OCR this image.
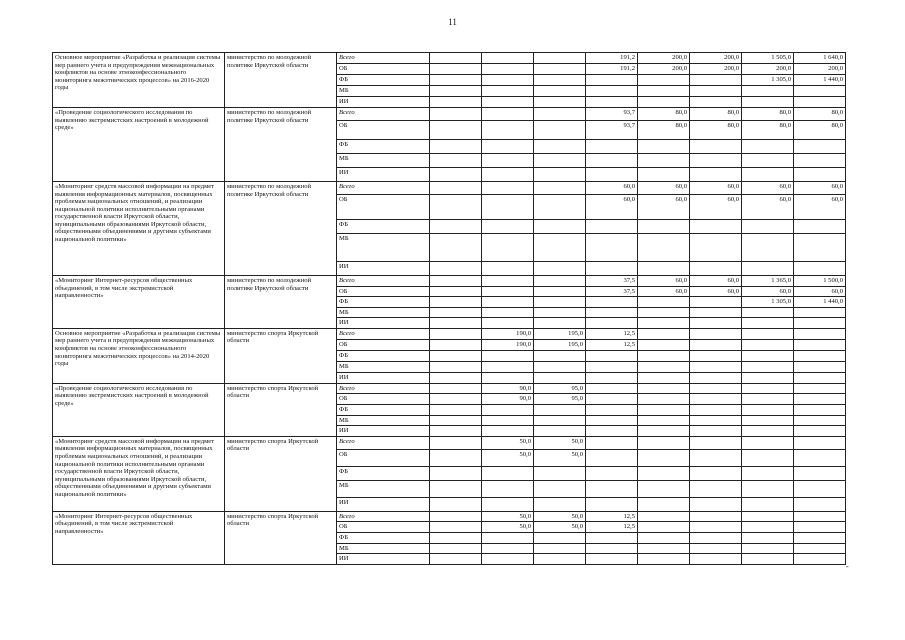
11
Основное мероприятие «Разработка и реализация системы мер раннего учета и предупреждения межнациональных конфликтов на основе этноконфессионального мониторинга межэтнических процессов» на 2016-2020 годы	министерство по молодежной политике Иркутской области	Всего				191,2	200,0	200,0	1 505,0	1 640,0
		ОБ				191,2	200,0	200,0	200,0	200,0
		ФБ							1 305,0	1 440,0
		МБ								
		ИИ								
«Проведение социологического исследования по выявлению экстремистских настроений в молодежной среде»	министерство по молодежной политике Иркутской области	Всего				93,7	80,0	80,0	80,0	80,0
		ОБ				93,7	80,0	80,0	80,0	80,0
		ФБ								
		МБ								
		ИИ								
«Мониторинг средств массовой информации на предмет выявления информационных материалов, посвященных проблемам национальных отношений, и реализации национальной политики исполнительными органами государственной власти Иркутской области, муниципальными образованиями Иркутской области, общественными объединениями и другими субъектами национальной политики»	министерство по молодежной политике Иркутской области	Всего				60,0	60,0	60,0	60,0	60,0
		ОБ				60,0	60,0	60,0	60,0	60,0
		ФБ								
		МБ								
		ИИ								
«Мониторинг Интернет-ресурсов общественных объединений, в том числе экстремистской направленности»	министерство по молодежной политике Иркутской области	Всего				37,5	60,0	60,0	1 365,0	1 500,0
		ОБ				37,5	60,0	60,0	60,0	60,0
		ФБ							1 305,0	1 440,0
		МБ								
		ИИ								
Основное мероприятие «Разработка и реализация системы мер раннего учета и предупреждения межнациональных конфликтов на основе этноконфессионального мониторинга межэтнических процессов» на 2014-2020 годы	министерство спорта Иркутской области	Всего		190,0	195,0	12,5				
		ОБ		190,0	195,0	12,5				
		ФБ								
		МБ								
		ИИ								
«Проведение социологического исследования по выявлению экстремистских настроений в молодежной среде»	министерство спорта Иркутской области	Всего		90,0	95,0					
		ОБ		90,0	95,0					
		ФБ								
		МБ								
		ИИ								
«Мониторинг средств массовой информации на предмет выявления информационных материалов, посвященных проблемам национальных отношений, и реализации национальной политики исполнительными органами государственной власти Иркутской области, муниципальными образованиями Иркутской области, общественными объединениями и другими субъектами национальной политики»	министерство спорта Иркутской области	Всего		50,0	50,0					
		ОБ		50,0	50,0					
		ФБ								
		МБ								
		ИИ								
«Мониторинг Интернет-ресурсов общественных объединений, в том числе экстремистской направленности»	министерство спорта Иркутской области	Всего		50,0	50,0	12,5				
		ОБ		50,0	50,0	12,5				
		ФБ								
		МБ								
		ИИ								
-
